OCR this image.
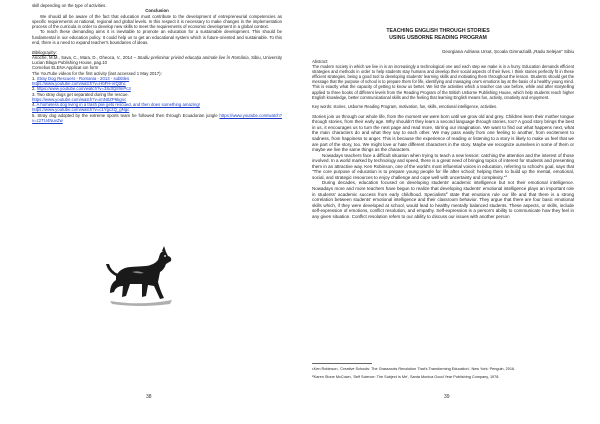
skill depending on the type of activities.

Conclusion

We should all be aware of the fact that education must contribute to the development of entrepreneurial competencies as specific requirements at national, regional and global levels. In this respect it is necessary to make changes in the implementation process of the curricula in order to develop new skills to meet the requirements of economic development in a global context.

To reach these demanding aims it is inevitable to promote an education for a sustainable development. This should be fundamental in our education policy. It could help us to get an educational system which is future-oriented and sustainable. To this end, there is a need to expand teacher's boundaries of ideas.

Bibliography:

Anoche, M.M., Sava, C., Mara, D., Gheoca, V., 2014 – Studiu preliminar privind educația animale live în România, Sibiu, University Lucian Blaga Publishing House, pag.10

Cornelius ELENA Applicat ion form

The YouTube videos for the first activity (last accessed 1 May 2017):

1. Stray Dog Rescuers - Romania - 2013 - subtitles

https://www.youtube.com/watch?v=HbFH-vrQ3hc

2. https://www.youtube.com/watch?v=3SdfQ8fmPc3

3. Two stray dogs get separated during the rescue.

https://www.youtube.com/watch?v=imN0ZP6kgnc

4. A homeless dog living in a trash pile gets rescued, and then does something amazing!

https://www.youtube.com/watch?v=c1Ygc2Q_gNgc

5. Stray dog adopted by the extreme sports team he followed then through Ecuadorian jungle https://www.youtube.com/watch?v=z2TU4NuvZw

38

TEACHING ENGLISH THROUGH STORIES
USING USBORNE READING PROGRAM

Georgiana Adriana Ursut, Școala Gimnazială „Radu Selejan” Sibiu

Abstract:

The modern society in which we live in is an increasingly a technological one and each step we make is in a hurry. Education demands efficient strategies and methods in order to help students stay humans and develop their social aspects of their lives. I think stories perfectly fit in these efficient strategies, being a good tool to developing students' learning skills and motivating them throughout the lesson. Students should get the message that the purpose of school is to prepare them for life, identifying and managing one's emotions lay at the basis of a healthy young mind. This is exactly what the capacity of getting to know us better. We list the activities which a teacher can use before, while and after storytelling applied to three books of different levels from the Reading Program of the British Usborne Publishing House, which help students reach higher English knowledge, better communicational skills and the feeling that learning English means fun, activity, creativity and enjoyment.

Key words: stories, Usborne Reading Program, motivation, fun, skills, emotional intelligence, activities.

Stories join us through our whole life, from the moment we were born until we grow old and grey. Children learn their mother tongue through stories, from their early age. Why shouldn't they learn a second language through stories, too? A good story brings the best in us, it encourages us to turn the next page and read more, stirring our imagination. We want to find out what happens next, what the main characters do and what they say to each other. We may pass easily from one feeling to another, from excitement to sadness, from happiness to anger. This is because the experience of reading or listening to a story is likely to make us feel that we are part of the story, too. We might love or hate different characters in the story. Maybe we recognize ourselves in some of them or maybe we live the same things as the characters.

Nowadays teachers face a difficult situation when trying to teach a new lesson: catching the attention and the interest of those involved. In a world marked by technology and speed, there is a great need of bringing topics of interest for students and presenting them in an attractive way. Ken Robinson, one of the world's most influential voices in education, referring to school's goal, says that "The core purpose of education is to prepare young people for life after school; helping them to build up the mental, emotional, social, and strategic resources to enjoy challenge and cope well with uncertainty and complexity."$^1$

During decades, education focused on developing students' academic intelligence but not their emotional intelligence. Nowadays more and more teachers have begun to realize that developing students' emotional intelligence plays an important role in students' academic success from early childhood. Specialists$^2$ state that emotions rule our life and that there is a strong correlation between students' emotional intelligence and their classroom behavior. They argue that there are four basic emotional skills which, if they were developed at school, would lead to healthy mentally balanced students. These aspects, or skills, include self-expression of emotions, conflict resolution, and empathy. Self-expression is a person's ability to communicate how they feel in any given situation. Conflict resolution refers to our ability to discuss our issues with another person

$^1$Ken Robinson, 'Creative Schools: The Grassroots Revolution That's Transforming Education', New York: Penguin, 2016.

$^2$Karen Stone McCown, 'Self Science: The Subject Is Me', Santa Monica Good Year Publishing Company, 1978.

39
